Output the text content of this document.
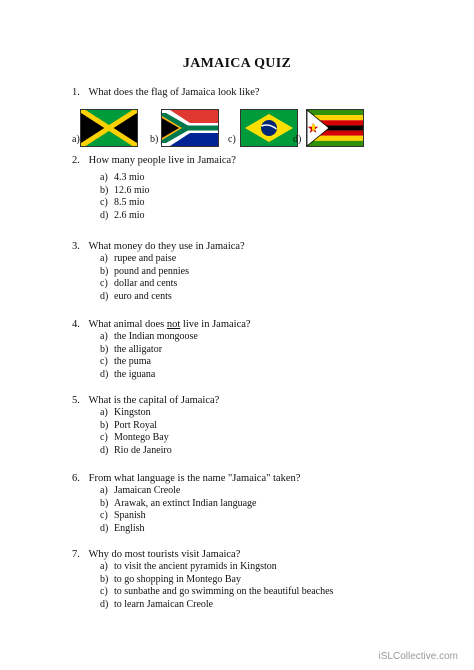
JAMAICA QUIZ
1. What does the flag of Jamaica look like?
a)	b)	c)	d)
2. How many people live in Jamaica?
a) 4.3 mio
b) 12.6 mio
c) 8.5 mio
d) 2.6 mio
3. What money do they use in Jamaica?
a) rupee and paise
b) pound and pennies
c) dollar and cents
d) euro and cents
4. What animal does not live in Jamaica?
a) the Indian mongoose
b) the alligator
c) the puma
d) the iguana
5. What is the capital of Jamaica?
a) Kingston
b) Port Royal
c) Montego Bay
d) Rio de Janeiro
6. From what language is the name "Jamaica" taken?
a) Jamaican Creole
b) Arawak, an extinct Indian language
c) Spanish
d) English
7. Why do most tourists visit Jamaica?
a) to visit the ancient pyramids in Kingston
b) to go shopping in Montego Bay
c) to sunbathe and go swimming on the beautiful beaches
d) to learn Jamaican Creole
iSLCollective.com
